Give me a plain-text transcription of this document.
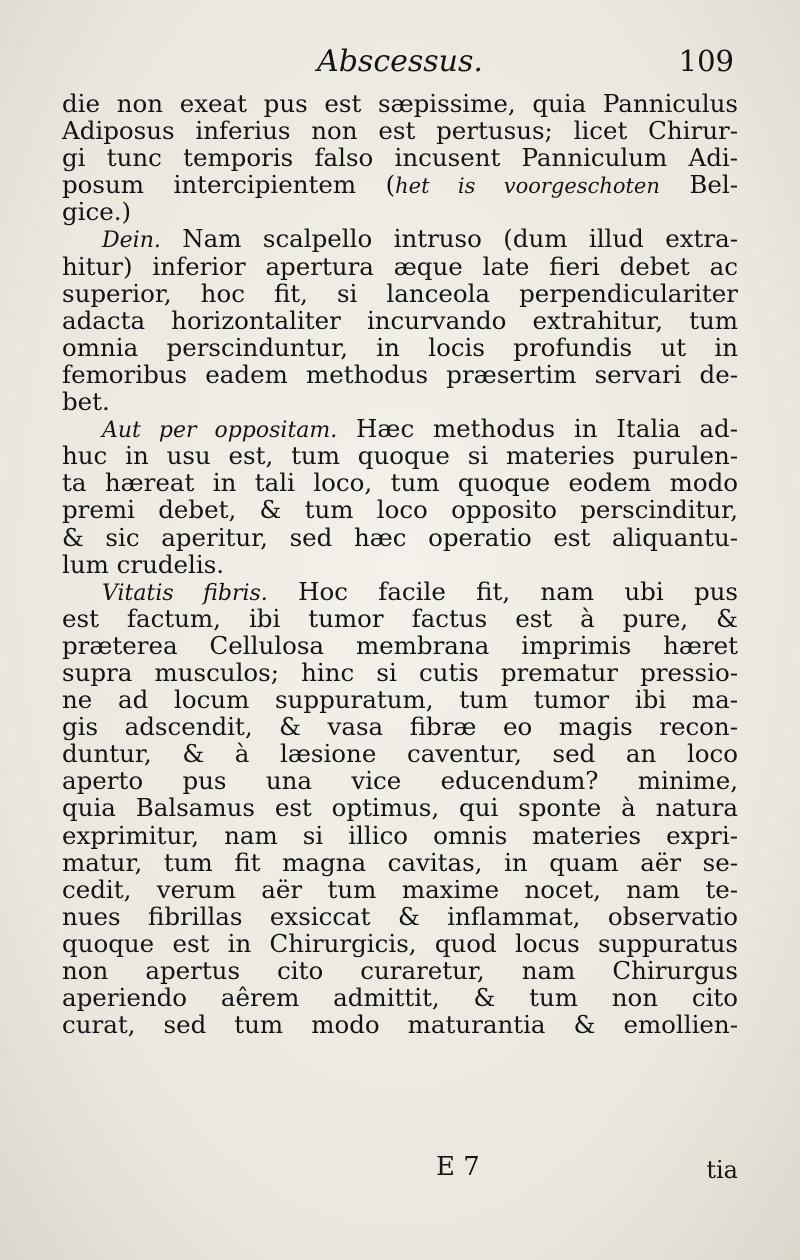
Abscessus.	109
die non exeat pus est sæpissime, quia Panniculus
Adiposus inferius non est pertusus; licet Chirur-
gi tunc temporis falso incusent Panniculum Adi-
posum intercipientem (het is voorgeschoten Bel-
gice.)
Dein. Nam scalpello intruso (dum illud extra-
hitur) inferior apertura æque late fieri debet ac
superior, hoc fit, si lanceola perpendiculariter
adacta horizontaliter incurvando extrahitur, tum
omnia perscinduntur, in locis profundis ut in
femoribus eadem methodus præsertim servari de-
bet.
Aut per oppositam. Hæc methodus in Italia ad-
huc in usu est, tum quoque si materies purulen-
ta hæreat in tali loco, tum quoque eodem modo
premi debet, & tum loco opposito perscinditur,
& sic aperitur, sed hæc operatio est aliquantu-
lum crudelis.
Vitatis fibris. Hoc facile fit, nam ubi pus
est factum, ibi tumor factus est à pure, &
præterea Cellulosa membrana imprimis hæret
supra musculos; hinc si cutis prematur pressio-
ne ad locum suppuratum, tum tumor ibi ma-
gis adscendit, & vasa fibræ eo magis recon-
duntur, & à læsione caventur, sed an loco
aperto pus una vice educendum? minime,
quia Balsamus est optimus, qui sponte à natura
exprimitur, nam si illico omnis materies expri-
matur, tum fit magna cavitas, in quam aër se-
cedit, verum aër tum maxime nocet, nam te-
nues fibrillas exsiccat & inflammat, observatio
quoque est in Chirurgicis, quod locus suppuratus
non apertus cito curaretur, nam Chirurgus
aperiendo aêrem admittit, & tum non cito
curat, sed tum modo maturantia & emollien-
E 7	tia
